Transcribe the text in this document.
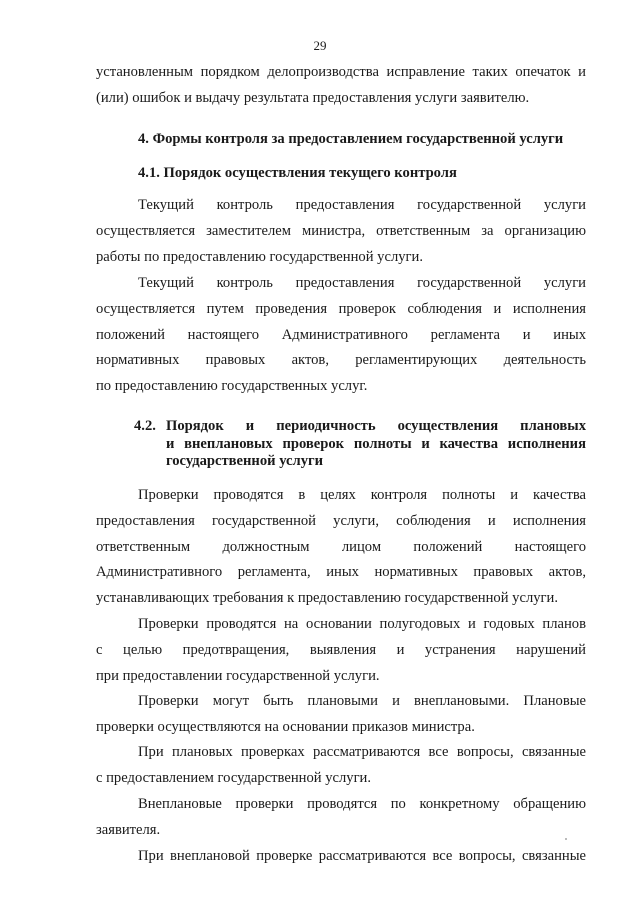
29
установленным порядком делопроизводства исправление таких опечаток и
(или) ошибок и выдачу результата предоставления услуги заявителю.
4. Формы контроля за предоставлением государственной услуги
4.1. Порядок осуществления текущего контроля
Текущий контроль предоставления государственной услуги
осуществляется заместителем министра, ответственным за организацию
работы по предоставлению государственной услуги.
Текущий контроль предоставления государственной услуги
осуществляется путем проведения проверок соблюдения и исполнения
положений настоящего Административного регламента и иных
нормативных правовых актов, регламентирующих деятельность
по предоставлению государственных услуг.
4.2. Порядок и периодичность осуществления плановых
и внеплановых проверок полноты и качества исполнения
государственной услуги
Проверки проводятся в целях контроля полноты и качества
предоставления государственной услуги, соблюдения и исполнения
ответственным должностным лицом положений настоящего
Административного регламента, иных нормативных правовых актов,
устанавливающих требования к предоставлению государственной услуги.
Проверки проводятся на основании полугодовых и годовых планов
с целью предотвращения, выявления и устранения нарушений
при предоставлении государственной услуги.
Проверки могут быть плановыми и внеплановыми. Плановые
проверки осуществляются на основании приказов министра.
При плановых проверках рассматриваются все вопросы, связанные
с предоставлением государственной услуги.
Внеплановые проверки проводятся по конкретному обращению
заявителя.
При внеплановой проверке рассматриваются все вопросы, связанные
